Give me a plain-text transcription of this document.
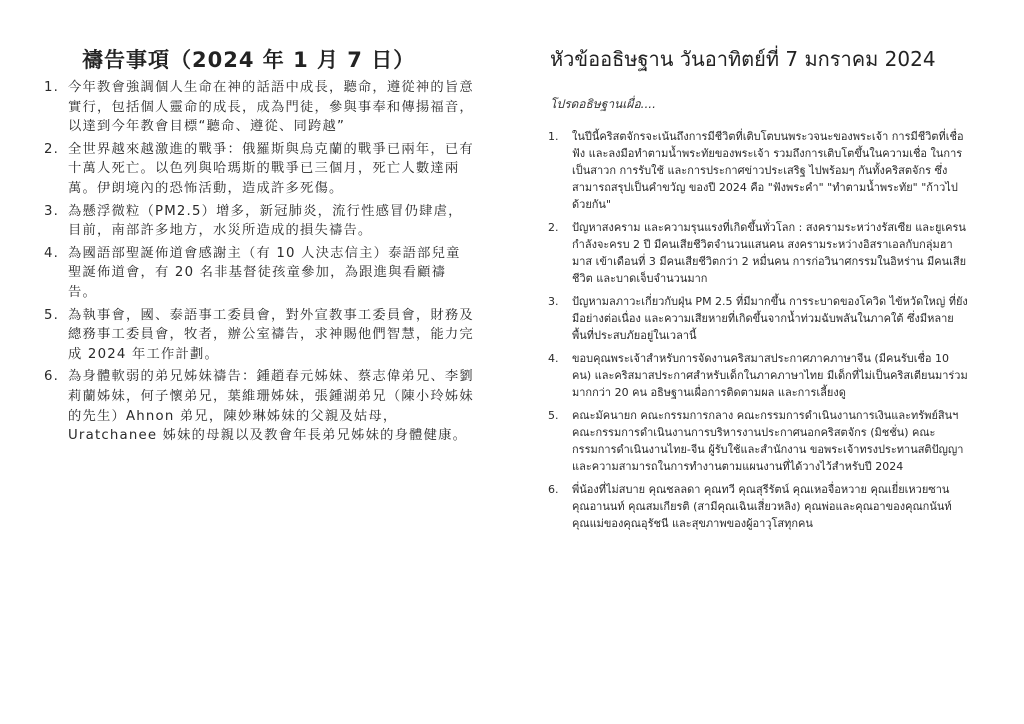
禱告事項（2024 年 1 月 7 日）
1. 今年教會強調個人生命在神的話語中成長，聽命，遵從神的旨意實行，包括個人靈命的成長，成為門徒，參與事奉和傳揚福音，以達到今年教會目標“聽命、遵從、同跨越”
2. 全世界越來越激進的戰爭：俄羅斯與烏克蘭的戰爭已兩年，已有十萬人死亡。以色列與哈瑪斯的戰爭已三個月，死亡人數達兩萬。伊朗境內的恐怖活動，造成許多死傷。
3. 為懸浮微粒（PM2.5）增多，新冠肺炎，流行性感冒仍肆虐，目前，南部許多地方，水災所造成的損失禱告。
4. 為國語部聖誕佈道會感謝主（有 10 人決志信主）泰語部兒童聖誕佈道會，有 20 名非基督徒孩童參加，為跟進與看顧禱告。
5. 為執事會，國、泰語事工委員會，對外宣教事工委員會，財務及總務事工委員會，牧者，辦公室禱告，求神賜他們智慧，能力完成 2024 年工作計劃。
6. 為身體軟弱的弟兄姊妹禱告：鍾趙春元姊妹、蔡志偉弟兄、李劉莉蘭姊妹，何子懷弟兄，葉維珊姊妹，張鍾湖弟兄（陳小玲姊妹的先生）Ahnon 弟兄，陳妙琳姊妹的父親及姑母，Uratchanee 姊妹的母親以及教會年長弟兄姊妹的身體健康。
หัวข้ออธิษฐาน วันอาทิตย์ที่ 7 มกราคม 2024

โปรดอธิษฐานเผื่อ....

1. ในปีนี้คริสตจักรจะเน้นถึงการมีชีวิตที่เติบโตบนพระวจนะของพระเจ้า การมีชีวิตที่เชื่อฟัง และลงมือทำตามน้ำพระทัยของพระเจ้า รวมถึงการเติบโตขึ้นในความเชื่อ ในการเป็นสาวก การรับใช้ และการประกาศข่าวประเสริฐ ไปพร้อมๆ กันทั้งคริสตจักร ซึ่งสามารถสรุปเป็นคำขวัญ ของปี 2024 คือ "ฟังพระคำ" "ทำตามน้ำพระทัย" "ก้าวไปด้วยกัน"
2. ปัญหาสงคราม และความรุนแรงที่เกิดขึ้นทั่วโลก : สงครามระหว่างรัสเซีย และยูเครน กำลังจะครบ 2 ปี มีคนเสียชีวิตจำนวนแสนคน สงครามระหว่างอิสราเอลกับกลุ่มฮามาส เข้าเดือนที่ 3 มีคนเสียชีวิตกว่า 2 หมื่นคน การก่อวินาศกรรมในอิหร่าน มีคนเสียชีวิต และบาดเจ็บจำนวนมาก
3. ปัญหามลภาวะเกี่ยวกับฝุ่น PM 2.5 ที่มีมากขึ้น การระบาดของโควิด ไข้หวัดใหญ่ ที่ยังมีอย่างต่อเนื่อง และความเสียหายที่เกิดขึ้นจากน้ำท่วมฉับพลันในภาคใต้ ซึ่งมีหลายพื้นที่ประสบภัยอยู่ในเวลานี้
4. ขอบคุณพระเจ้าสำหรับการจัดงานคริสมาสประกาศภาคภาษาจีน (มีคนรับเชื่อ 10 คน) และคริสมาสประกาศสำหรับเด็กในภาคภาษาไทย มีเด็กที่ไม่เป็นคริสเตียนมาร่วมมากกว่า 20 คน อธิษฐานเผื่อการติดตามผล และการเลี้ยงดู
5. คณะมัคนายก คณะกรรมการกลาง คณะกรรมการดำเนินงานการเงินและทรัพย์สินฯ คณะกรรมการดำเนินงานการบริหารงานประกาศนอกคริสตจักร (มิชชั่น) คณะกรรมการดำเนินงานไทย-จีน ผู้รับใช้และสำนักงาน ขอพระเจ้าทรงประทานสติปัญญา และความสามารถในการทำงานตามแผนงานที่ได้วางไว้สำหรับปี 2024
6. พี่น้องที่ไม่สบาย คุณชลลดา คุณทวี คุณสุรีรัตน์ คุณเหอจื่อหวาย คุณเยี่ยเหวยซาน คุณอานนท์ คุณสมเกียรติ (สามีคุณเฉินเสี่ยวหลิง) คุณพ่อและคุณอาของคุณกนันท์ คุณแม่ของคุณอุรัชนี และสุขภาพของผู้อาวุโสทุกคน
